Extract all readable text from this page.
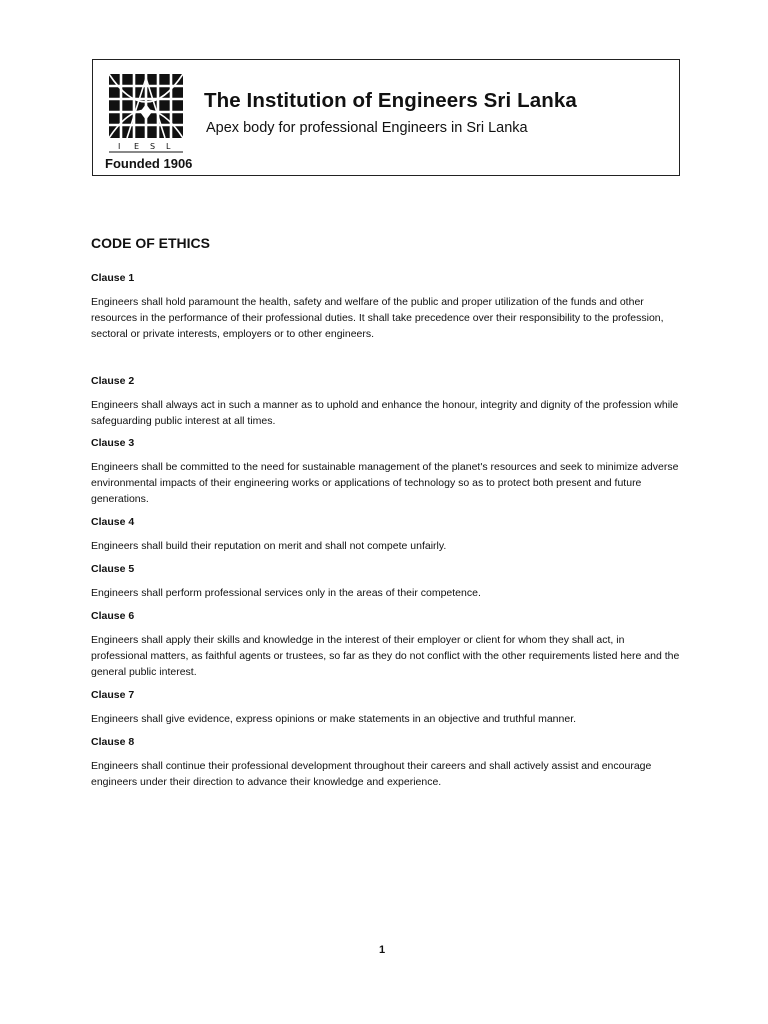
I E S L
Founded 1906
The Institution of Engineers Sri Lanka
Apex body for professional Engineers in Sri Lanka
CODE OF ETHICS
Clause 1

Engineers shall hold paramount the health, safety and welfare of the public and proper utilization of the funds and other resources in the performance of their professional duties. It shall take precedence over their responsibility to the profession, sectoral or private interests, employers or to other engineers.

Clause 2

Engineers shall always act in such a manner as to uphold and enhance the honour, integrity and dignity of the profession while safeguarding public interest at all times.

Clause 3

Engineers shall be committed to the need for sustainable management of the planet's resources and seek to minimize adverse environmental impacts of their engineering works or applications of technology so as to protect both present and future generations.

Clause 4

Engineers shall build their reputation on merit and shall not compete unfairly.

Clause 5

Engineers shall perform professional services only in the areas of their competence.

Clause 6

Engineers shall apply their skills and knowledge in the interest of their employer or client for whom they shall act, in professional matters, as faithful agents or trustees, so far as they do not conflict with the other requirements listed here and the general public interest.

Clause 7

Engineers shall give evidence, express opinions or make statements in an objective and truthful manner.

Clause 8

Engineers shall continue their professional development throughout their careers and shall actively assist and encourage engineers under their direction to advance their knowledge and experience.

1
